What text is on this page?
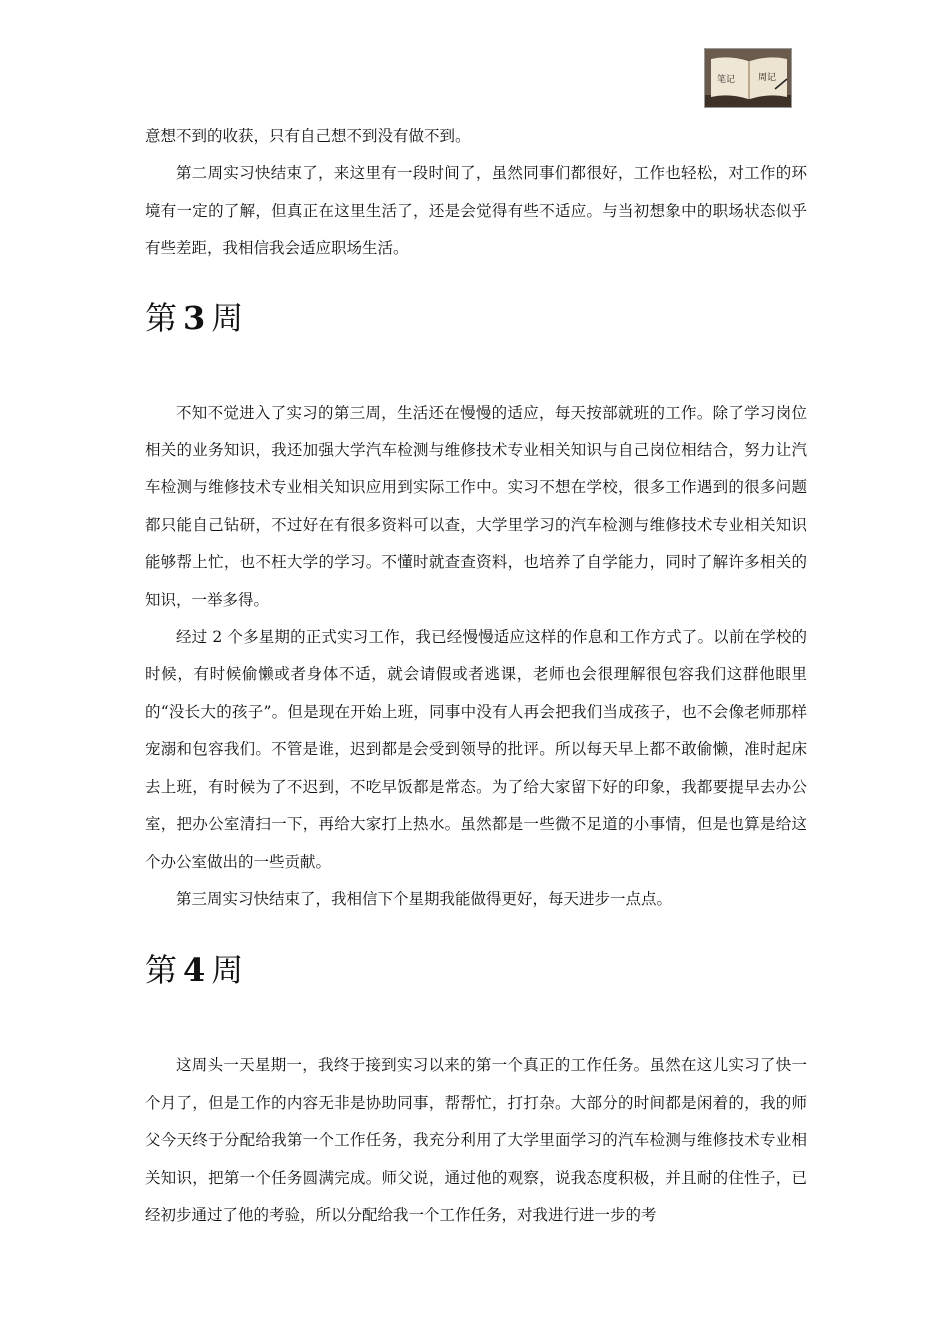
笔记	周记

意想不到的收获，只有自己想不到没有做不到。

第二周实习快结束了，来这里有一段时间了，虽然同事们都很好，工作也轻松，对工作的环境有一定的了解，但真正在这里生活了，还是会觉得有些不适应。与当初想象中的职场状态似乎有些差距，我相信我会适应职场生活。

第 3 周

不知不觉进入了实习的第三周，生活还在慢慢的适应，每天按部就班的工作。除了学习岗位相关的业务知识，我还加强大学汽车检测与维修技术专业相关知识与自己岗位相结合，努力让汽车检测与维修技术专业相关知识应用到实际工作中。实习不想在学校，很多工作遇到的很多问题都只能自己钻研，不过好在有很多资料可以查，大学里学习的汽车检测与维修技术专业相关知识能够帮上忙，也不枉大学的学习。不懂时就查查资料，也培养了自学能力，同时了解许多相关的知识，一举多得。

经过 2 个多星期的正式实习工作，我已经慢慢适应这样的作息和工作方式了。以前在学校的时候，有时候偷懒或者身体不适，就会请假或者逃课，老师也会很理解很包容我们这群他眼里的“没长大的孩子”。但是现在开始上班，同事中没有人再会把我们当成孩子，也不会像老师那样宠溺和包容我们。不管是谁，迟到都是会受到领导的批评。所以每天早上都不敢偷懒，准时起床去上班，有时候为了不迟到，不吃早饭都是常态。为了给大家留下好的印象，我都要提早去办公室，把办公室清扫一下，再给大家打上热水。虽然都是一些微不足道的小事情，但是也算是给这个办公室做出的一些贡献。

第三周实习快结束了，我相信下个星期我能做得更好，每天进步一点点。

第 4 周

这周头一天星期一，我终于接到实习以来的第一个真正的工作任务。虽然在这儿实习了快一个月了，但是工作的内容无非是协助同事，帮帮忙，打打杂。大部分的时间都是闲着的，我的师父今天终于分配给我第一个工作任务，我充分利用了大学里面学习的汽车检测与维修技术专业相关知识，把第一个任务圆满完成。师父说，通过他的观察，说我态度积极，并且耐的住性子，已经初步通过了他的考验，所以分配给我一个工作任务，对我进行进一步的考
